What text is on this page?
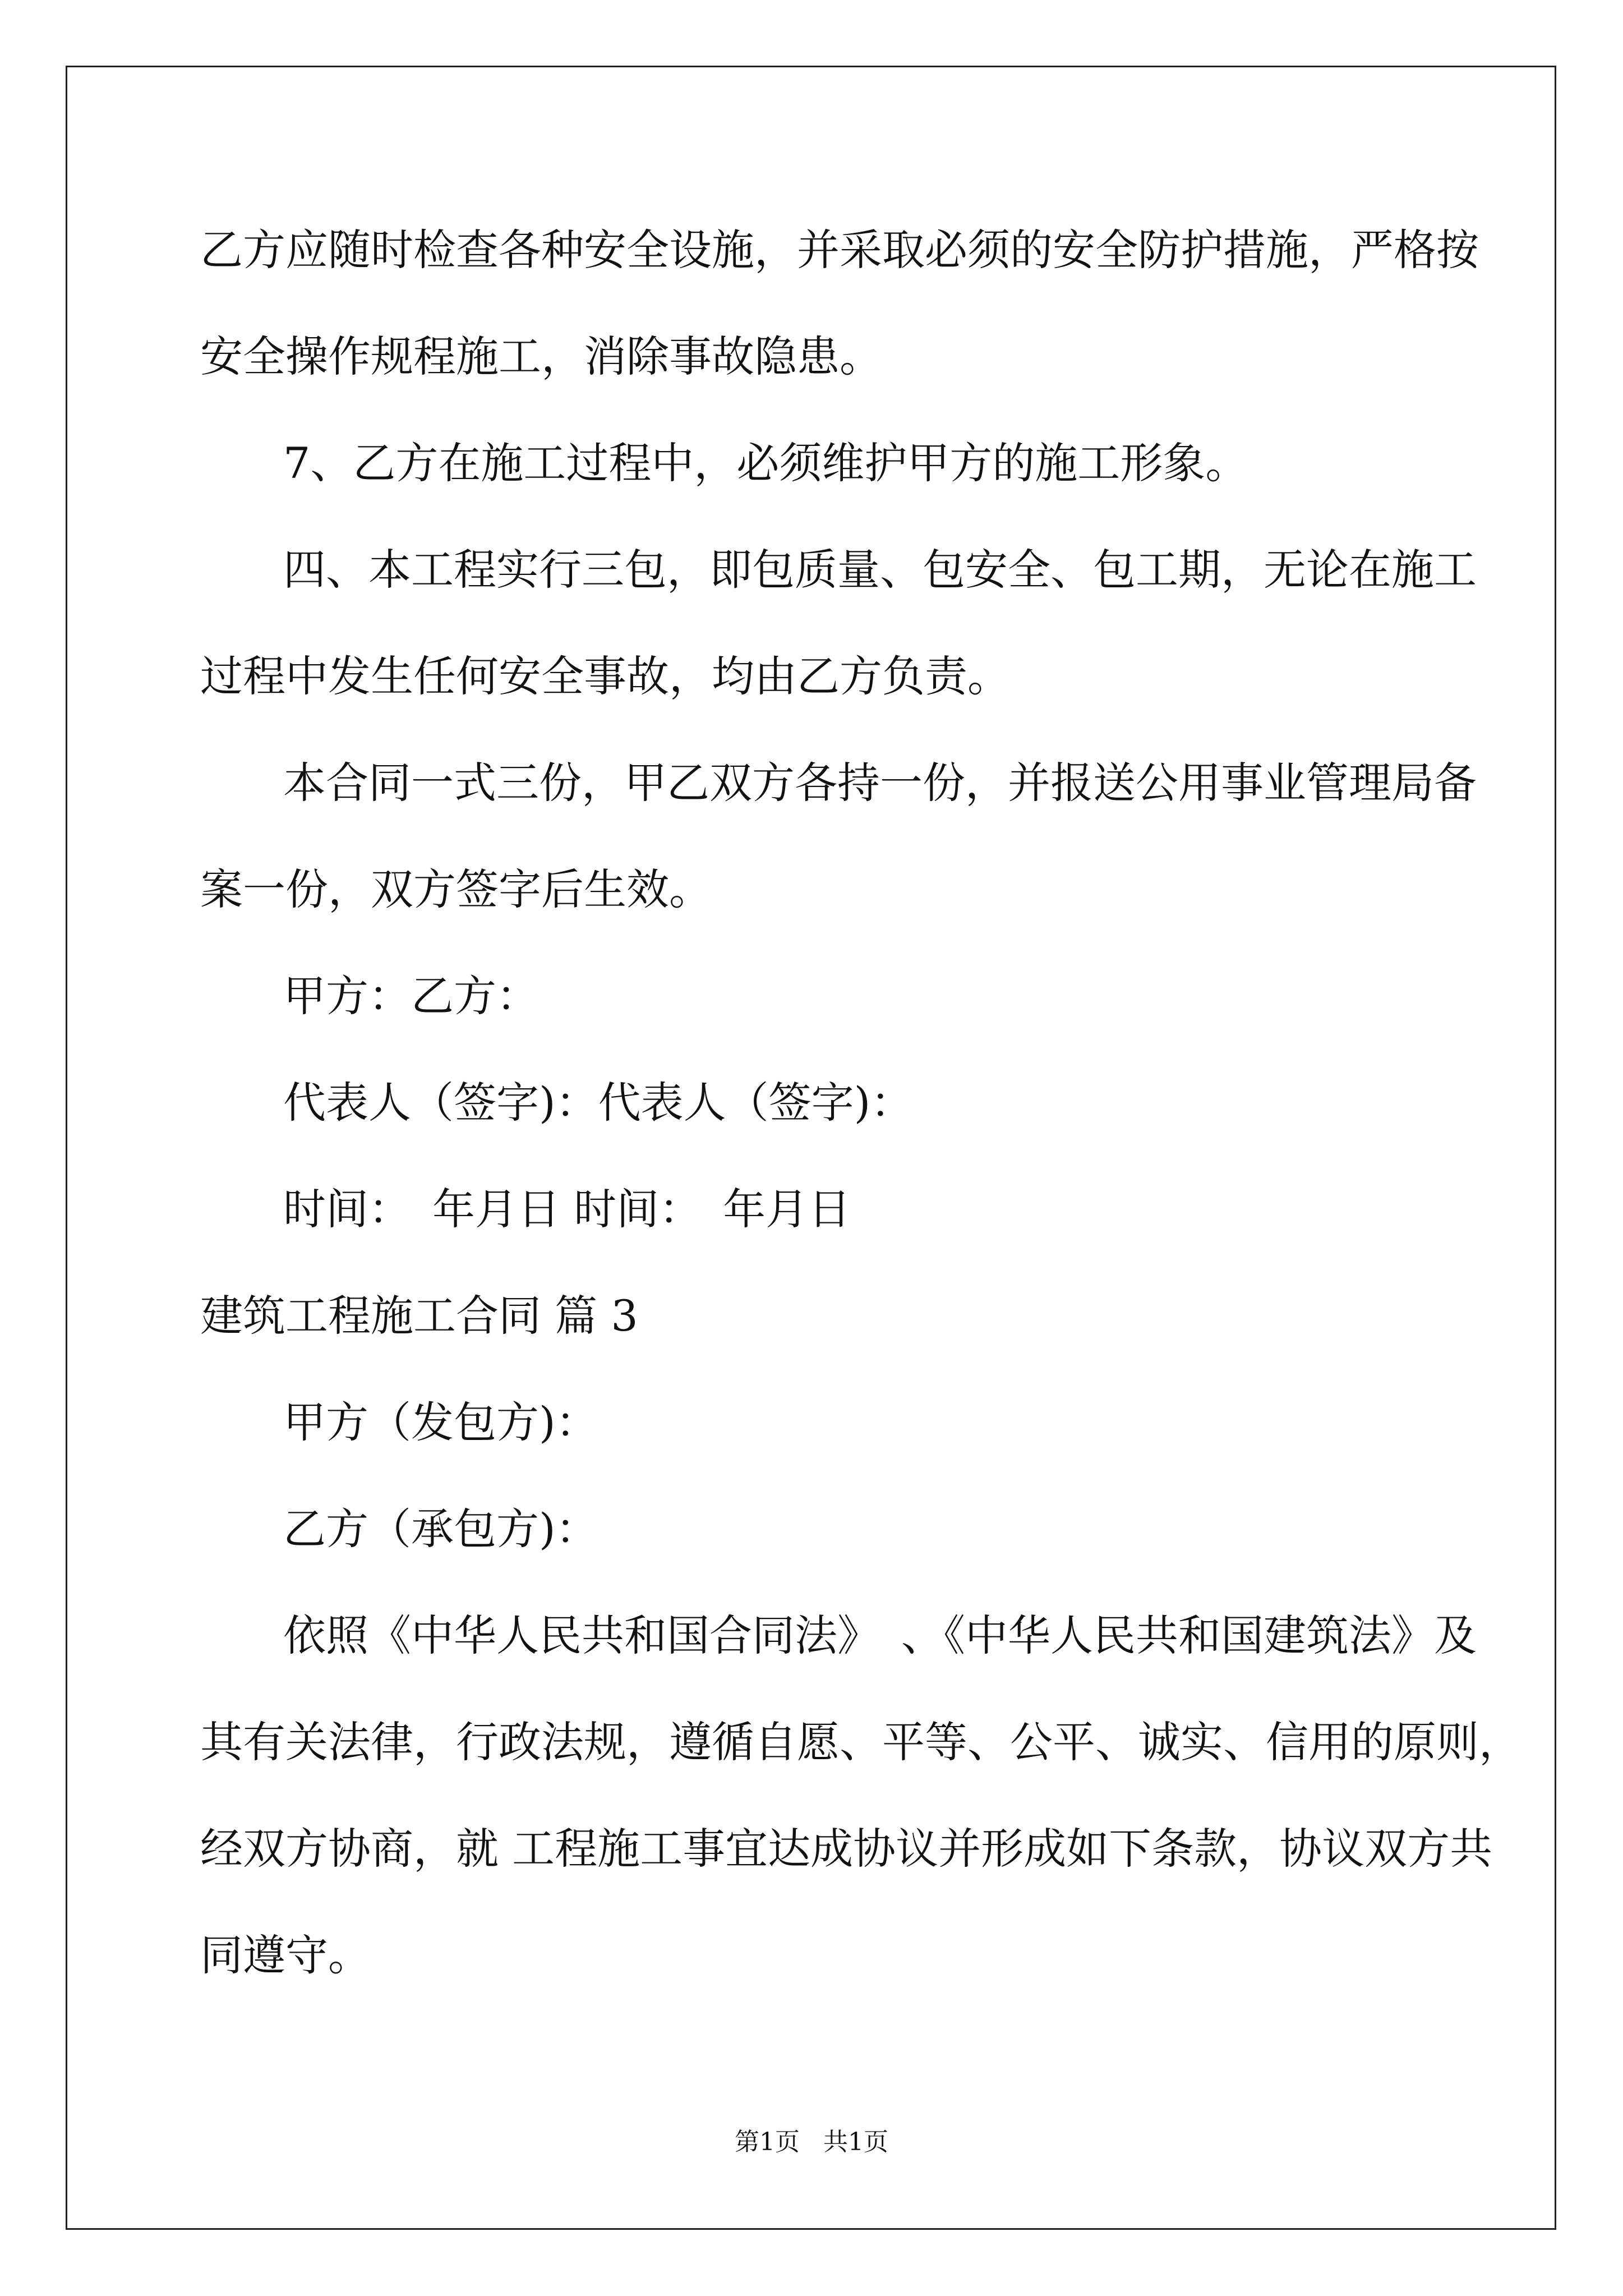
乙方应随时检查各种安全设施，并采取必须的安全防护措施，严格按

安全操作规程施工，消除事故隐患。

7、乙方在施工过程中，必须维护甲方的施工形象。

四、本工程实行三包，即包质量、包安全、包工期，无论在施工

过程中发生任何安全事故，均由乙方负责。

本合同一式三份，甲乙双方各持一份，并报送公用事业管理局备

案一份，双方签字后生效。

甲方：乙方：

代表人（签字)：代表人（签字)：

时间：　年月日 时间：　年月日

建筑工程施工合同 篇 3

甲方（发包方)：

乙方（承包方)：

依照《中华人民共和国合同法》　、《中华人民共和国建筑法》及

其有关法律，行政法规，遵循自愿、平等、公平、诚实、信用的原则，

经双方协商，就 工程施工事宜达成协议并形成如下条款，协议双方共

同遵守。

第1页 共1页
